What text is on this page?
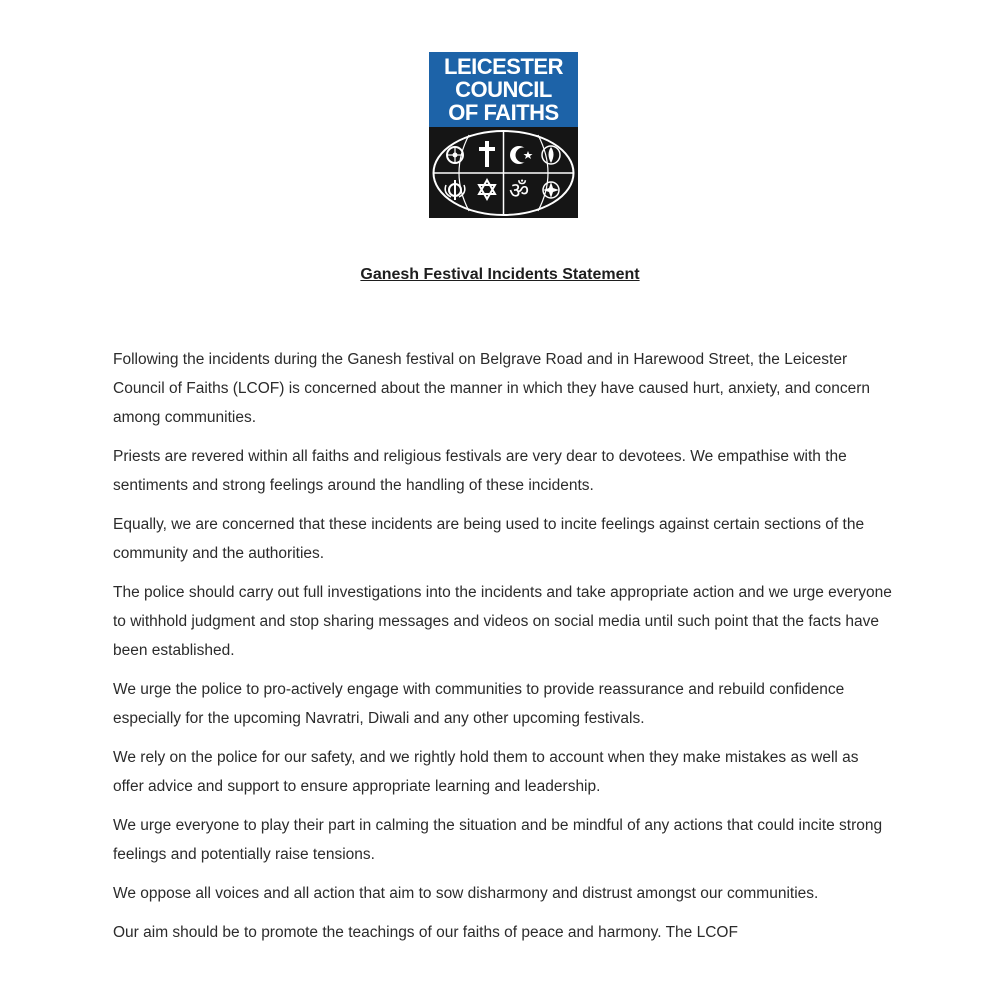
LEICESTER
COUNCIL
OF FAITHS
ॐ
Ganesh Festival Incidents Statement

Following the incidents during the Ganesh festival on Belgrave Road and in Harewood Street, the Leicester Council of Faiths (LCOF) is concerned about the manner in which they have caused hurt, anxiety, and concern among communities.

Priests are revered within all faiths and religious festivals are very dear to devotees. We empathise with the sentiments and strong feelings around the handling of these incidents.

Equally, we are concerned that these incidents are being used to incite feelings against certain sections of the community and the authorities.

The police should carry out full investigations into the incidents and take appropriate action and we urge everyone to withhold judgment and stop sharing messages and videos on social media until such point that the facts have been established.

We urge the police to pro-actively engage with communities to provide reassurance and rebuild confidence especially for the upcoming Navratri, Diwali and any other upcoming festivals.

We rely on the police for our safety, and we rightly hold them to account when they make mistakes as well as offer advice and support to ensure appropriate learning and leadership.

We urge everyone to play their part in calming the situation and be mindful of any actions that could incite strong feelings and potentially raise tensions.

We oppose all voices and all action that aim to sow disharmony and distrust amongst our communities.

Our aim should be to promote the teachings of our faiths of peace and harmony. The LCOF
